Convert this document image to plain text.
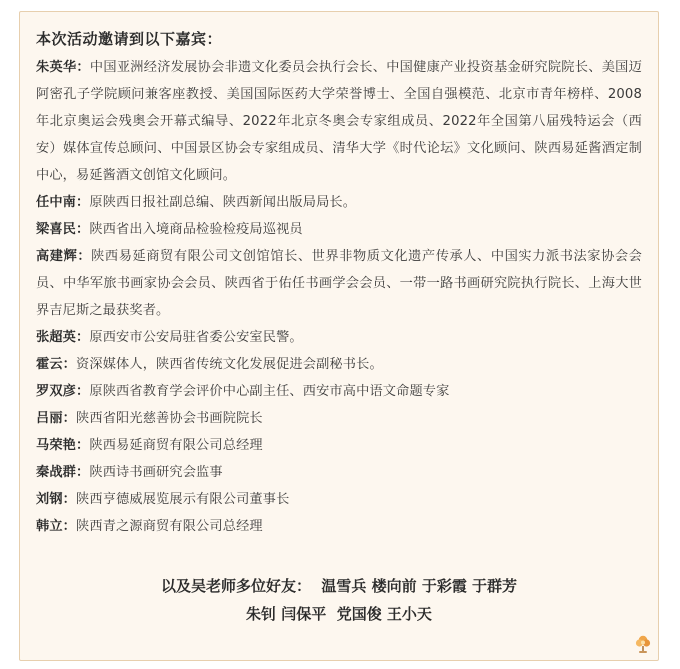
本次活动邀请到以下嘉宾：

朱英华：中国亚洲经济发展协会非遗文化委员会执行会长、中国健康产业投资基金研究院院长、美国迈阿密孔子学院顾问兼客座教授、美国国际医药大学荣誉博士、全国自强模范、北京市青年榜样、2008年北京奥运会残奥会开幕式编导、2022年北京冬奥会专家组成员、2022年全国第八届残特运会（西安）媒体宣传总顾问、中国景区协会专家组成员、清华大学《时代论坛》文化顾问、陕西易延酱酒定制中心，易延酱酒文创馆文化顾问。

任中南：原陕西日报社副总编、陕西新闻出版局局长。

梁喜民：陕西省出入境商品检验检疫局巡视员

高建辉：陕西易延商贸有限公司文创馆馆长、世界非物质文化遗产传承人、中国实力派书法家协会会员、中华军旅书画家协会会员、陕西省于佑任书画学会会员、一带一路书画研究院执行院长、上海大世界吉尼斯之最获奖者。

张超英：原西安市公安局驻省委公安室民警。

霍云：资深媒体人，陕西省传统文化发展促进会副秘书长。

罗双彦：原陕西省教育学会评价中心副主任、西安市高中语文命题专家

吕丽：陕西省阳光慈善协会书画院院长

马荣艳：陕西易延商贸有限公司总经理

秦战群：陕西诗书画研究会监事

刘钢：陕西亨德威展览展示有限公司董事长

韩立：陕西青之源商贸有限公司总经理

以及吴老师多位好友：  温雪兵 楼向前 于彩霞 于群芳
朱钊 闫保平  党国俊 王小天
